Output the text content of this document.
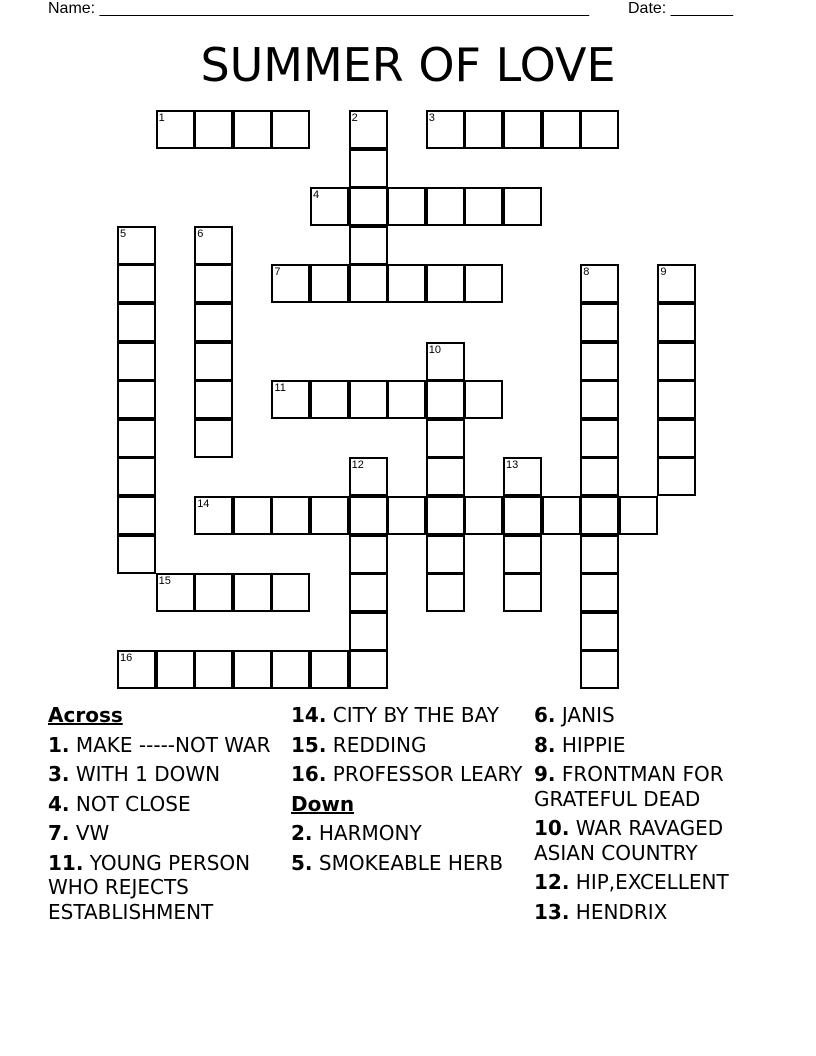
Name: _______________________________________________________ Date: _______
SUMMER OF LOVE
1	2	3
4
5	6
7	8	9
10
11
12	13
14
15
16
Across
1. MAKE -----NOT WAR
3. WITH 1 DOWN
4. NOT CLOSE
7. VW
11. YOUNG PERSON WHO REJECTS ESTABLISHMENT
14. CITY BY THE BAY
15. REDDING
16. PROFESSOR LEARY
Down
2. HARMONY
5. SMOKEABLE HERB
6. JANIS
8. HIPPIE
9. FRONTMAN FOR GRATEFUL DEAD
10. WAR RAVAGED ASIAN COUNTRY
12. HIP,EXCELLENT
13. HENDRIX
